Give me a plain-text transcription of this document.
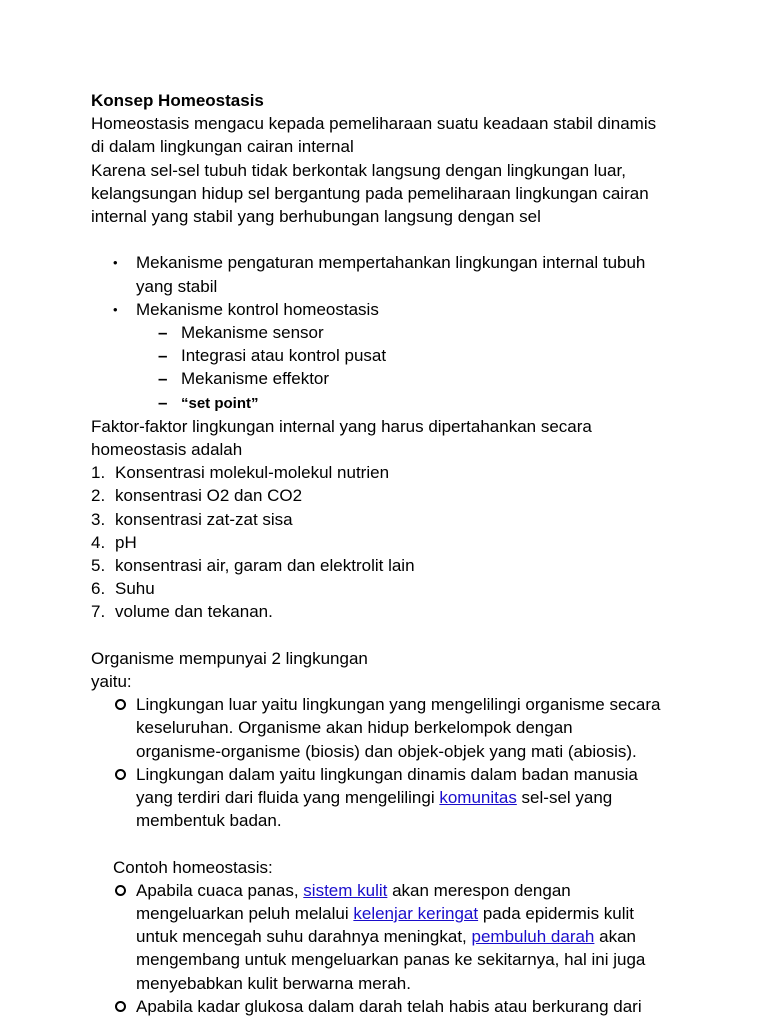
Konsep Homeostasis
Homeostasis mengacu kepada pemeliharaan suatu keadaan stabil dinamis
di dalam lingkungan cairan internal
Karena sel-sel tubuh tidak berkontak langsung dengan lingkungan luar,
kelangsungan hidup sel bergantung pada pemeliharaan lingkungan cairan
internal yang stabil yang berhubungan langsung dengan sel
• Mekanisme pengaturan mempertahankan lingkungan internal tubuh
yang stabil
• Mekanisme kontrol homeostasis
– Mekanisme sensor
– Integrasi atau kontrol pusat
– Mekanisme effektor
– “set point”
Faktor-faktor lingkungan internal yang harus dipertahankan secara
homeostasis adalah
1. Konsentrasi molekul-molekul nutrien
2. konsentrasi O2 dan CO2
3. konsentrasi zat-zat sisa
4. pH
5. konsentrasi air, garam dan elektrolit lain
6. Suhu
7. volume dan tekanan.
Organisme mempunyai 2 lingkungan
yaitu:
Lingkungan luar yaitu lingkungan yang mengelilingi organisme secara
keseluruhan. Organisme akan hidup berkelompok dengan
organisme-organisme (biosis) dan objek-objek yang mati (abiosis).
Lingkungan dalam yaitu lingkungan dinamis dalam badan manusia
yang terdiri dari fluida yang mengelilingi komunitas sel-sel yang
membentuk badan.
Contoh homeostasis:
Apabila cuaca panas, sistem kulit akan merespon dengan
mengeluarkan peluh melalui kelenjar keringat pada epidermis kulit
untuk mencegah suhu darahnya meningkat, pembuluh darah akan
mengembang untuk mengeluarkan panas ke sekitarnya, hal ini juga
menyebabkan kulit berwarna merah.
Apabila kadar glukosa dalam darah telah habis atau berkurang dari
